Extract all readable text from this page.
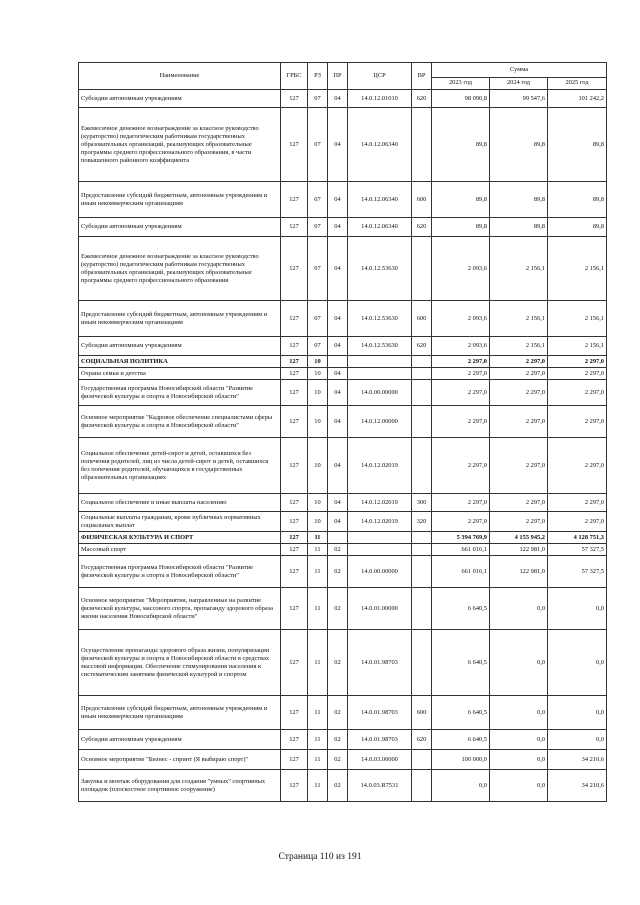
Наименование	ГРБС	РЗ	ПР	ЦСР	ВР	Сумма		
						2023 год	2024 год	2025 год
Субсидии автономным учреждениям	127	07	04	14.0.12.01010	620	98 090,8	99 547,6	101 242,2
Ежемесячное денежное вознаграждение за классное руководство (кураторство) педагогическим работникам государственных образовательных организаций, реализующих образовательные программы среднего профессионального образования, в части повышенного районного коэффициента	127	07	04	14.0.12.06340		89,8	89,8	89,8
Предоставление субсидий бюджетным, автономным учреждениям и иным некоммерческим организациям	127	07	04	14.0.12.06340	600	89,8	89,8	89,8
Субсидии автономным учреждениям	127	07	04	14.0.12.06340	620	89,8	89,8	89,8
Ежемесячное денежное вознаграждение за классное руководство (кураторство) педагогическим работникам государственных образовательных организаций, реализующих образовательные программы среднего профессионального образования	127	07	04	14.0.12.53630		2 093,6	2 156,1	2 156,1
Предоставление субсидий бюджетным, автономным учреждениям и иным некоммерческим организациям	127	07	04	14.0.12.53630	600	2 093,6	2 156,1	2 156,1
Субсидии автономным учреждениям	127	07	04	14.0.12.53630	620	2 093,6	2 156,1	2 156,1
СОЦИАЛЬНАЯ ПОЛИТИКА	127	10				2 297,0	2 297,0	2 297,0
Охрана семьи и детства	127	10	04			2 297,0	2 297,0	2 297,0
Государственная программа Новосибирской области "Развитие физической культуры и спорта в Новосибирской области"	127	10	04	14.0.00.00000		2 297,0	2 297,0	2 297,0
Основное мероприятие "Кадровое обеспечение специалистами сферы физической культуры и спорта в Новосибирской области"	127	10	04	14.0.12.00000		2 297,0	2 297,0	2 297,0
Социальное обеспечение детей-сирот и детей, оставшихся без попечения родителей, лиц из числа детей-сирот и детей, оставшихся без попечения родителей, обучающихся в государственных образовательных организациях	127	10	04	14.0.12.02019		2 297,0	2 297,0	2 297,0
Социальное обеспечение и иные выплаты населению	127	10	04	14.0.12.02019	300	2 297,0	2 297,0	2 297,0
Социальные выплаты гражданам, кроме публичных нормативных социальных выплат	127	10	04	14.0.12.02019	320	2 297,0	2 297,0	2 297,0
ФИЗИЧЕСКАЯ КУЛЬТУРА И СПОРТ	127	11				5 394 769,9	4 155 945,2	4 128 751,3
Массовый спорт	127	11	02			661 016,1	122 981,0	57 327,5
Государственная программа Новосибирской области "Развитие физической культуры и спорта в Новосибирской области"	127	11	02	14.0.00.00000		661 016,1	122 981,0	57 327,5
Основное мероприятие "Мероприятия, направленные на развитие физической культуры, массового спорта, пропаганду здорового образа жизни населения Новосибирской области"	127	11	02	14.0.01.00000		6 640,5	0,0	0,0
Осуществление пропаганды здорового образа жизни, популяризации физической культуры и спорта в Новосибирской области в средствах массовой информации. Обеспечение стимулирования населения к систематическим занятиям физической культурой и спортом	127	11	02	14.0.01.98703		6 640,5	0,0	0,0
Предоставление субсидий бюджетным, автономным учреждениям и иным некоммерческим организациям	127	11	02	14.0.01.98703	600	6 640,5	0,0	0,0
Субсидии автономным учреждениям	127	11	02	14.0.01.98703	620	6 640,5	0,0	0,0
Основное мероприятие "Бизнес - спринт (Я выбираю спорт)"	127	11	02	14.0.03.00000		100 000,0	0,0	34 210,6
Закупка и монтаж оборудования для создания "умных" спортивных площадок (плоскостное спортивное сооружение)	127	11	02	14.0.03.R7531		0,0	0,0	34 210,6
Страница 110 из 191
